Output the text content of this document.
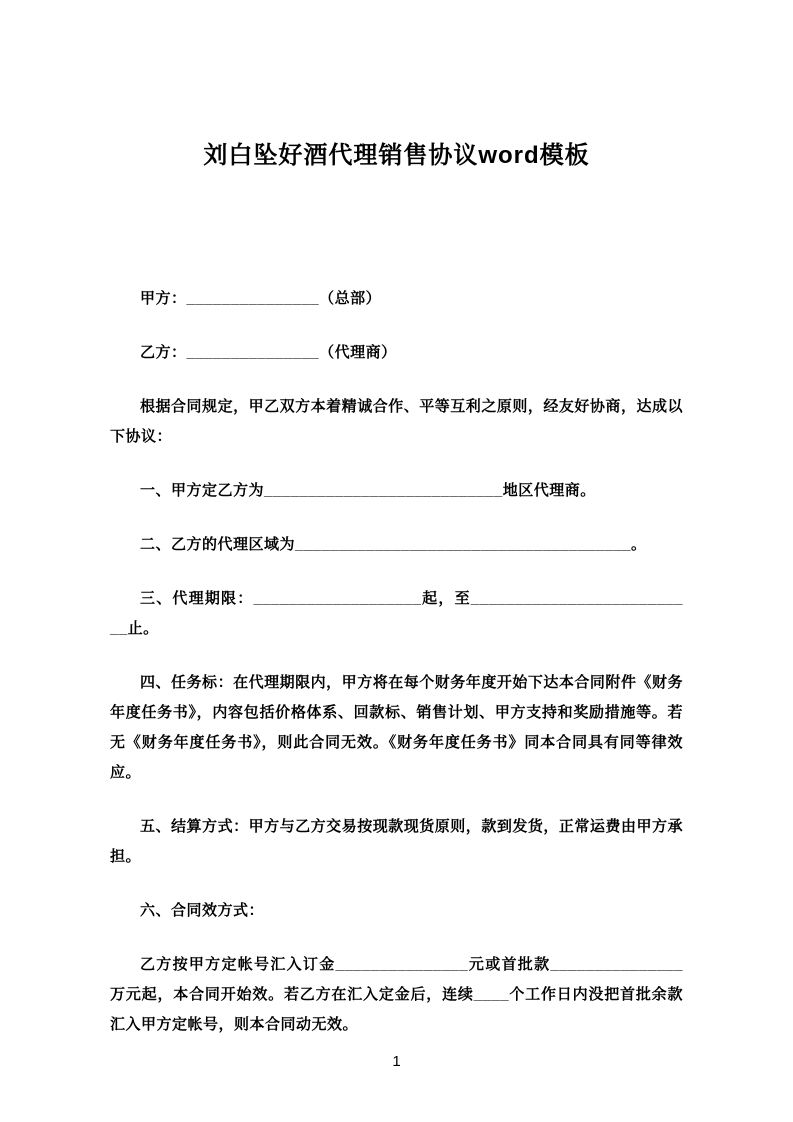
刘白坠好酒代理销售协议word模板

甲方：_______________（总部）

乙方：_______________（代理商）

根据合同规定，甲乙双方本着精诚合作、平等互利之原则，经友好协商，达成以下协议：

一、甲方定乙方为___________________________地区代理商。

二、乙方的代理区域为______________________________________。

三、代理期限：___________________起，至__________________________止。

四、任务标：在代理期限内，甲方将在每个财务年度开始下达本合同附件《财务年度任务书》，内容包括价格体系、回款标、销售计划、甲方支持和奖励措施等。若无《财务年度任务书》，则此合同无效。《财务年度任务书》同本合同具有同等律效应。

五、结算方式：甲方与乙方交易按现款现货原则，款到发货，正常运费由甲方承担。

六、合同效方式：

乙方按甲方定帐号汇入订金_______________元或首批款_______________万元起，本合同开始效。若乙方在汇入定金后，连续____个工作日内没把首批余款汇入甲方定帐号，则本合同动无效。

1
